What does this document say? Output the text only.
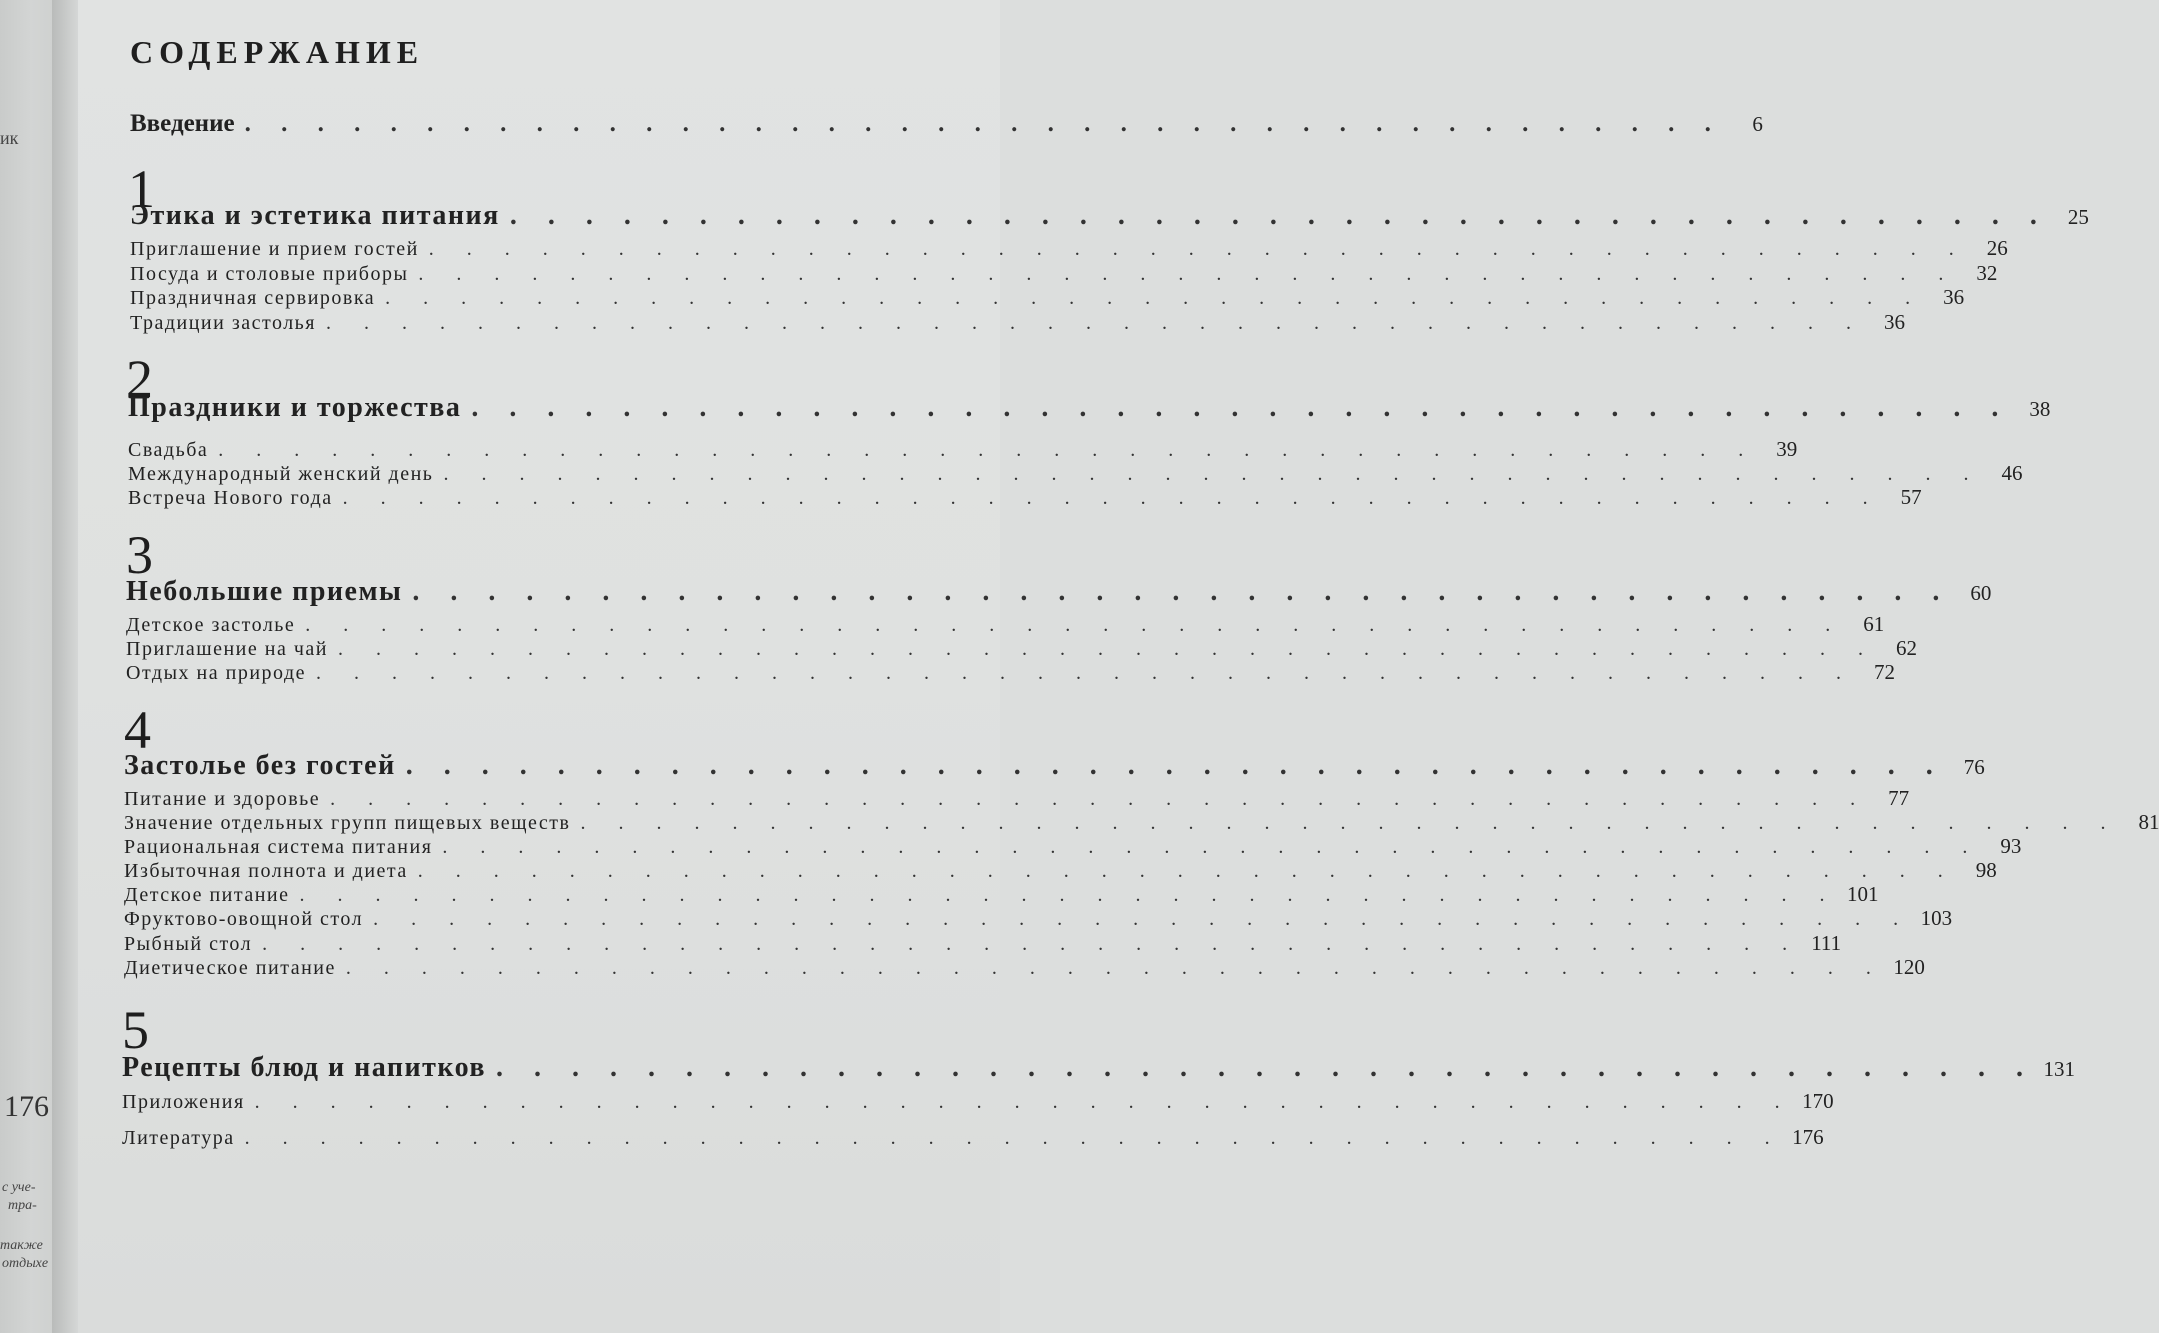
ик
176
с уче-
тра-
также
отдыхе
СОДЕРЖАНИЕ
Введение . . . . . . . . . . . . . . . . . . . . . . . . . . . . . . . . . . . . . . . . .	6
1
Этика и эстетика питания . . . . . . . . . . . . . . . . . . . . . . . . . . . . . . . . . . . . . . . . . 25
Приглашение и прием гостей . . . . . . . . . . . . . . . . . . . . . . . . . . . . . . . . . . . . . . . . . 26
Посуда и столовые приборы . . . . . . . . . . . . . . . . . . . . . . . . . . . . . . . . . . . . . . . . . 32
Праздничная сервировка . . . . . . . . . . . . . . . . . . . . . . . . . . . . . . . . . . . . . . . . . 36
Традиции застолья . . . . . . . . . . . . . . . . . . . . . . . . . . . . . . . . . . . . . . . . . 36
2
Праздники и торжества . . . . . . . . . . . . . . . . . . . . . . . . . . . . . . . . . . . . . . . . . 38
Свадьба . . . . . . . . . . . . . . . . . . . . . . . . . . . . . . . . . . . . . . . . . 39
Международный женский день . . . . . . . . . . . . . . . . . . . . . . . . . . . . . . . . . . . . . . . . . 46
Встреча Нового года . . . . . . . . . . . . . . . . . . . . . . . . . . . . . . . . . . . . . . . . . 57
3
Небольшие приемы . . . . . . . . . . . . . . . . . . . . . . . . . . . . . . . . . . . . . . . . . 60
Детское застолье . . . . . . . . . . . . . . . . . . . . . . . . . . . . . . . . . . . . . . . . . 61
Приглашение на чай . . . . . . . . . . . . . . . . . . . . . . . . . . . . . . . . . . . . . . . . . 62
Отдых на природе . . . . . . . . . . . . . . . . . . . . . . . . . . . . . . . . . . . . . . . . . 72
4
Застолье без гостей . . . . . . . . . . . . . . . . . . . . . . . . . . . . . . . . . . . . . . . . . 76
Питание и здоровье . . . . . . . . . . . . . . . . . . . . . . . . . . . . . . . . . . . . . . . . . 77
Значение отдельных групп пищевых веществ . . . . . . . . . . . . . . . . . . . . . . . . . . . . . . . . . . . . . . . . . 81
Рациональная система питания . . . . . . . . . . . . . . . . . . . . . . . . . . . . . . . . . . . . . . . . . 93
Избыточная полнота и диета . . . . . . . . . . . . . . . . . . . . . . . . . . . . . . . . . . . . . . . . . 98
Детское питание . . . . . . . . . . . . . . . . . . . . . . . . . . . . . . . . . . . . . . . . . 101
Фруктово-овощной стол . . . . . . . . . . . . . . . . . . . . . . . . . . . . . . . . . . . . . . . . . 103
Рыбный стол . . . . . . . . . . . . . . . . . . . . . . . . . . . . . . . . . . . . . . . . . 111
Диетическое питание . . . . . . . . . . . . . . . . . . . . . . . . . . . . . . . . . . . . . . . . . 120
5
Рецепты блюд и напитков . . . . . . . . . . . . . . . . . . . . . . . . . . . . . . . . . . . . . . . . . 131
Приложения . . . . . . . . . . . . . . . . . . . . . . . . . . . . . . . . . . . . . . . . . 170
Литература . . . . . . . . . . . . . . . . . . . . . . . . . . . . . . . . . . . . . . . . . 176
